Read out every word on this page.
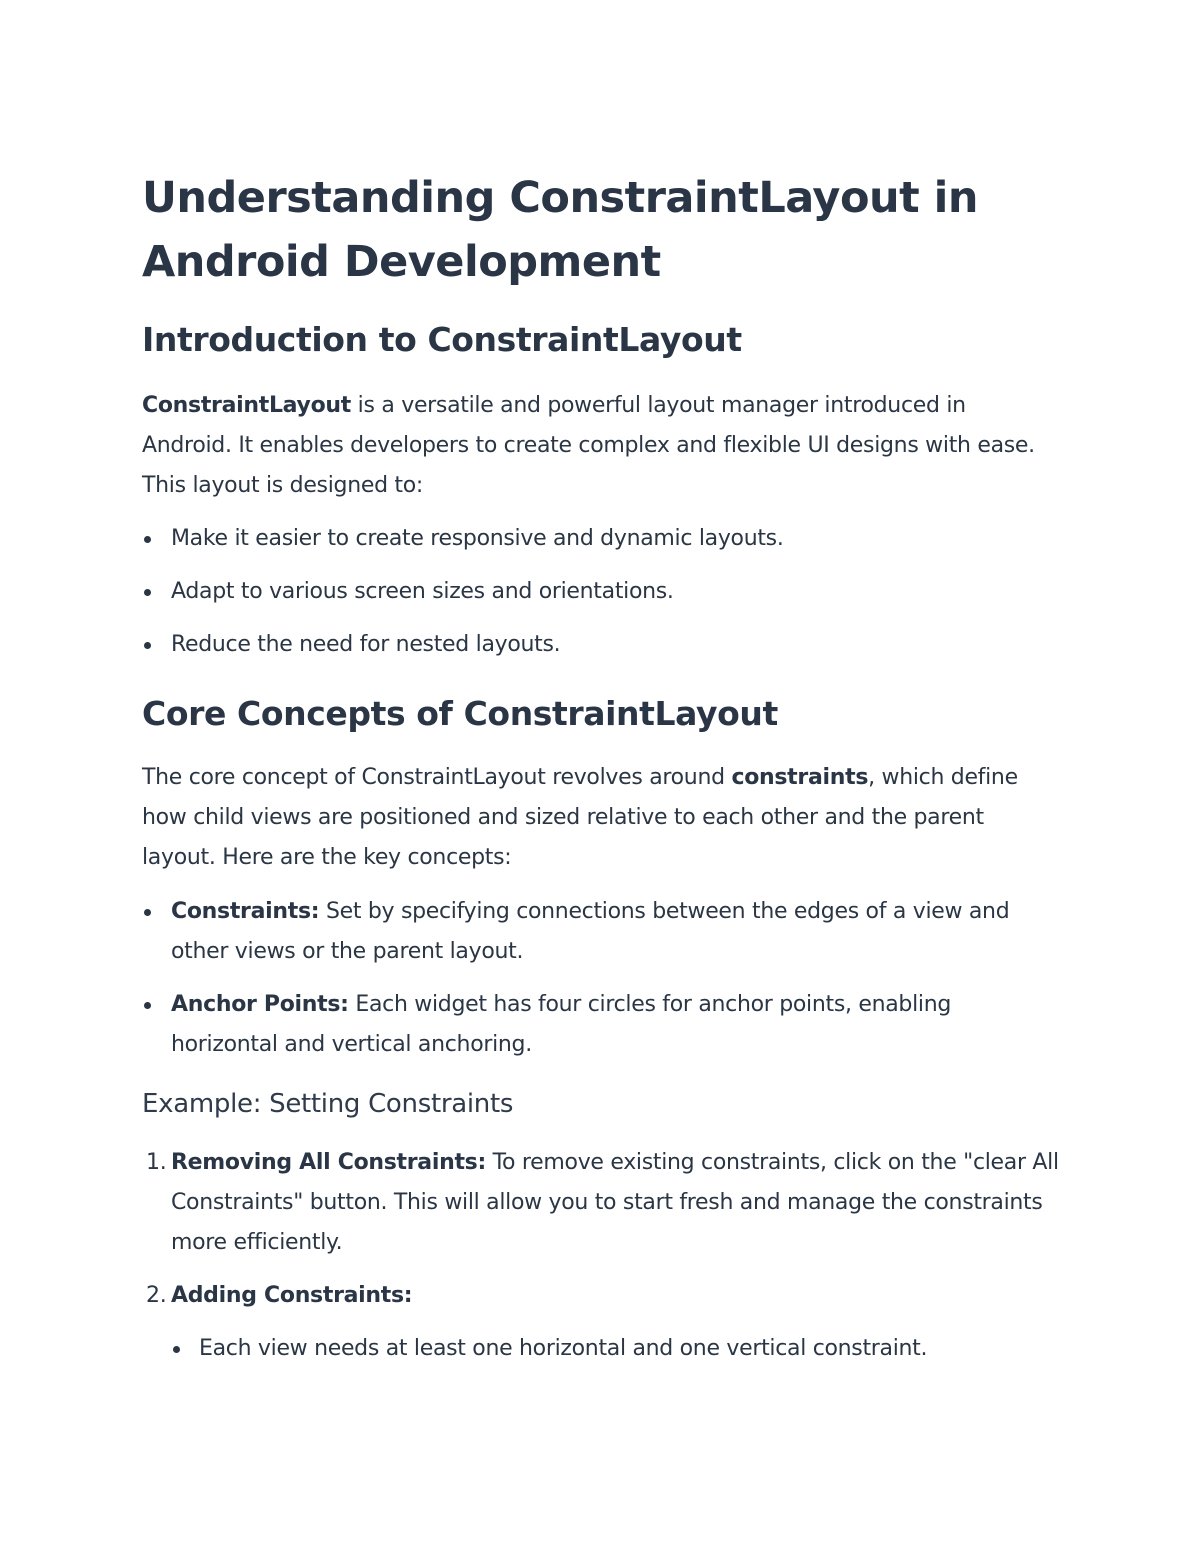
Understanding ConstraintLayout in Android Development
Introduction to ConstraintLayout

ConstraintLayout is a versatile and powerful layout manager introduced in Android. It enables developers to create complex and flexible UI designs with ease. This layout is designed to:

Make it easier to create responsive and dynamic layouts.
Adapt to various screen sizes and orientations.
Reduce the need for nested layouts.
Core Concepts of ConstraintLayout

The core concept of ConstraintLayout revolves around constraints, which define how child views are positioned and sized relative to each other and the parent layout. Here are the key concepts:

Constraints: Set by specifying connections between the edges of a view and other views or the parent layout.
Anchor Points: Each widget has four circles for anchor points, enabling horizontal and vertical anchoring.
Example: Setting Constraints
1. Removing All Constraints: To remove existing constraints, click on the "clear All Constraints" button. This will allow you to start fresh and manage the constraints more efficiently.
2. Adding Constraints:
Each view needs at least one horizontal and one vertical constraint.
